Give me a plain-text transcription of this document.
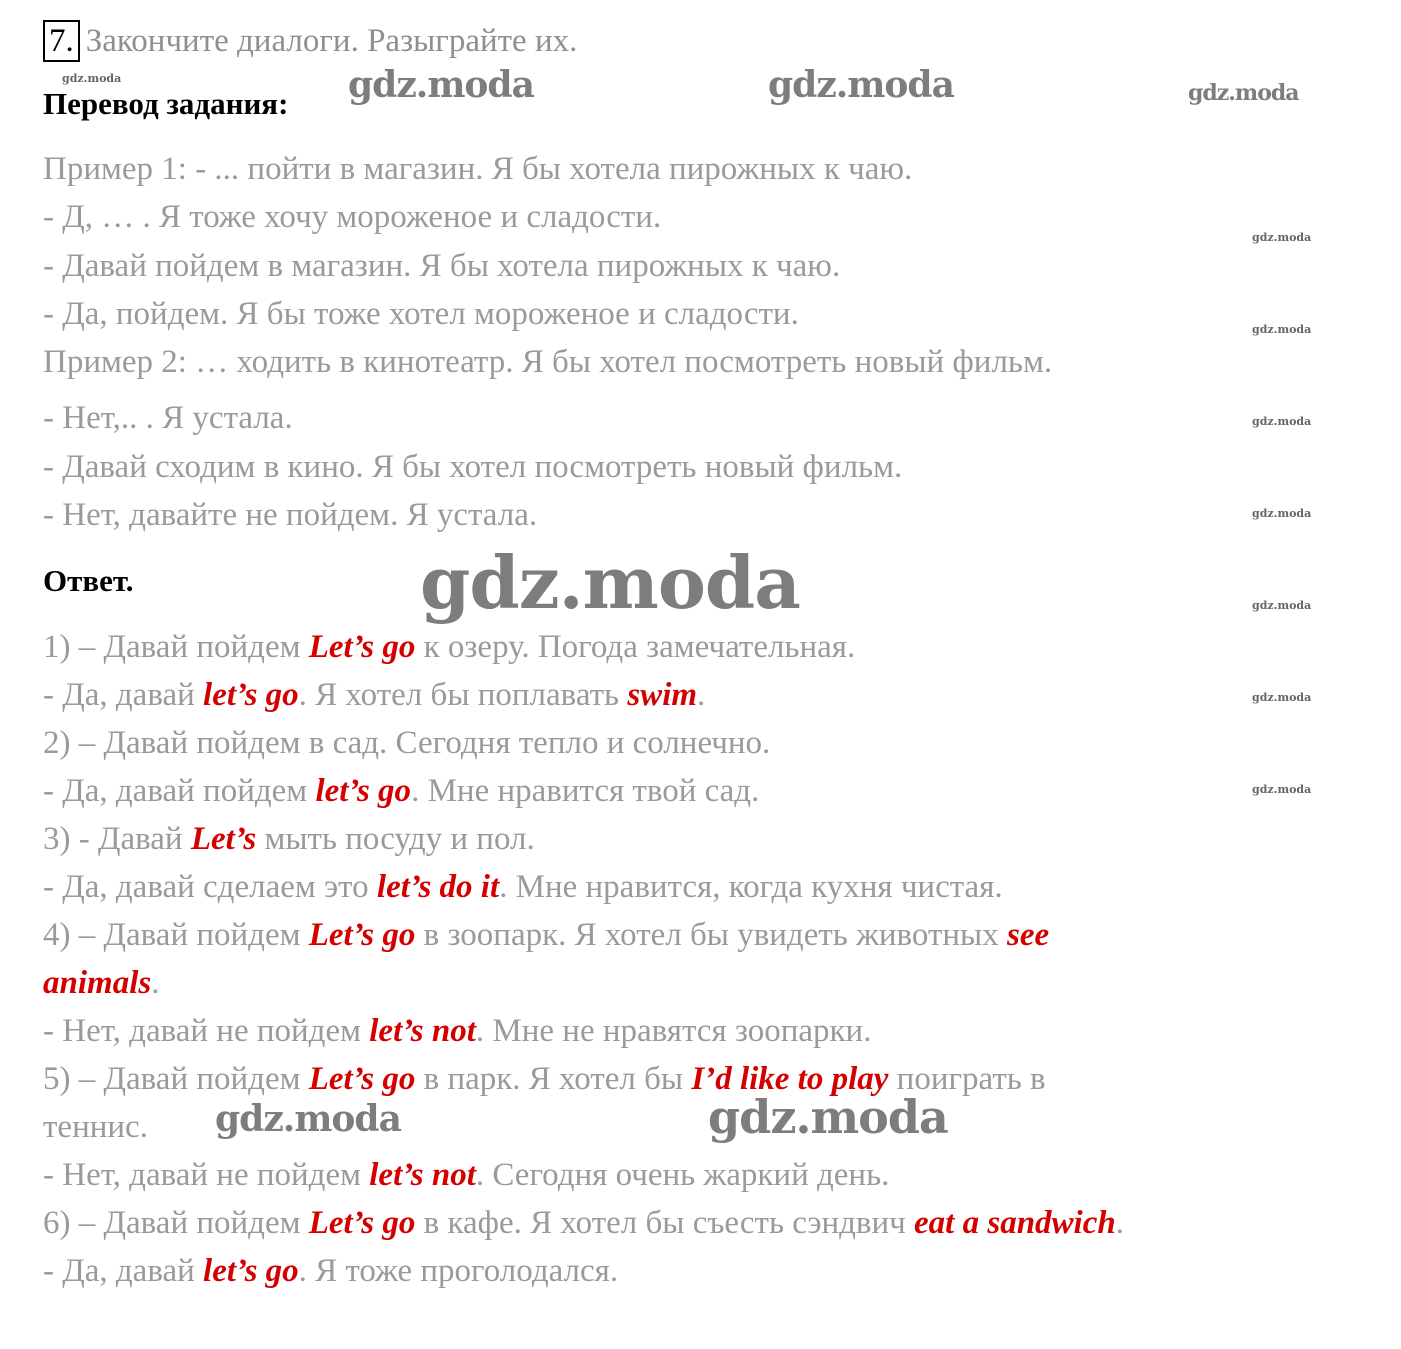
7. Закончите диалоги. Разыграйте их.
Перевод задания:
Пример 1: - ... пойти в магазин. Я бы хотела пирожных к чаю.
- Д, … . Я тоже хочу мороженое и сладости.
- Давай пойдем в магазин. Я бы хотела пирожных к чаю.
- Да, пойдем. Я бы тоже хотел мороженое и сладости.
Пример 2: … ходить в кинотеатр. Я бы хотел посмотреть новый фильм.
- Нет,.. . Я устала.
- Давай сходим в кино. Я бы хотел посмотреть новый фильм.
- Нет, давайте не пойдем. Я устала.
Ответ.
1) – Давай пойдем Let’s go к озеру. Погода замечательная.
- Да, давай let’s go. Я хотел бы поплавать swim.
2) – Давай пойдем в сад. Сегодня тепло и солнечно.
- Да, давай пойдем let’s go. Мне нравится твой сад.
3) - Давай Let’s мыть посуду и пол.
- Да, давай сделаем это let’s do it. Мне нравится, когда кухня чистая.
4) – Давай пойдем Let’s go в зоопарк. Я хотел бы увидеть животных see
animals.
- Нет, давай не пойдем let’s not. Мне не нравятся зоопарки.
5) – Давай пойдем Let’s go в парк. Я хотел бы I’d like to play поиграть в
теннис.
- Нет, давай не пойдем let’s not. Сегодня очень жаркий день.
6) – Давай пойдем Let’s go в кафе. Я хотел бы съесть сэндвич eat a sandwich.
- Да, давай let’s go. Я тоже проголодался.
gdz.moda	gdz.moda	gdz.moda	gdz.moda
gdz.moda
gdz.moda
gdz.moda
gdz.moda
gdz.moda
gdz.moda
gdz.moda
gdz.moda
gdz.moda	gdz.moda
